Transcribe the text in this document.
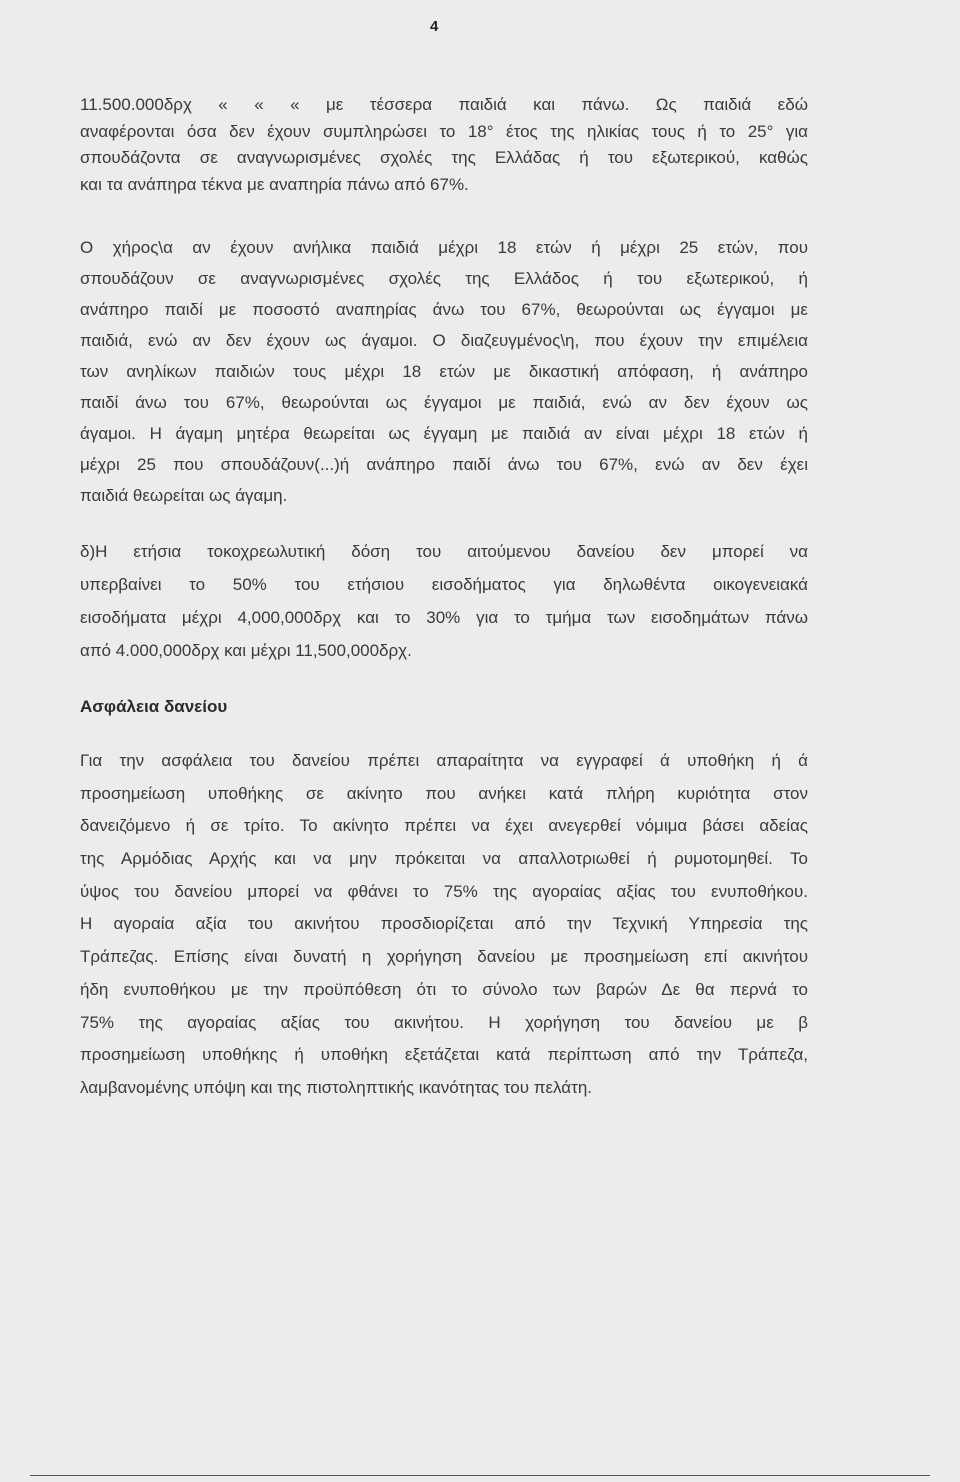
4
11.500.000δρχ « « « με τέσσερα παιδιά και πάνω. Ως παιδιά εδώ
αναφέρονται όσα δεν έχουν συμπληρώσει το 18° έτος της ηλικίας τους ή το 25° για
σπουδάζοντα σε αναγνωρισμένες σχολές της Ελλάδας ή του εξωτερικού, καθώς
και τα ανάπηρα τέκνα με αναπηρία πάνω από 67%.
Ο χήρος\α αν έχουν ανήλικα παιδιά μέχρι 18 ετών ή μέχρι 25 ετών, που
σπουδάζουν σε αναγνωρισμένες σχολές της Ελλάδος ή του εξωτερικού, ή
ανάπηρο παιδί με ποσοστό αναπηρίας άνω του 67%, θεωρούνται ως έγγαμοι με
παιδιά, ενώ αν δεν έχουν ως άγαμοι. Ο διαζευγμένος\η, που έχουν την επιμέλεια
των ανηλίκων παιδιών τους μέχρι 18 ετών με δικαστική απόφαση, ή ανάπηρο
παιδί άνω του 67%, θεωρούνται ως έγγαμοι με παιδιά, ενώ αν δεν έχουν ως
άγαμοι. Η άγαμη μητέρα θεωρείται ως έγγαμη με παιδιά αν είναι μέχρι 18 ετών ή
μέχρι 25 που σπουδάζουν(...)ή ανάπηρο παιδί άνω του 67%, ενώ αν δεν έχει
παιδιά θεωρείται ως άγαμη.
δ)Η ετήσια τοκοχρεωλυτική δόση του αιτούμενου δανείου δεν μπορεί να
υπερβαίνει το 50% του ετήσιου εισοδήματος για δηλωθέντα οικογενειακά
εισοδήματα μέχρι 4,000,000δρχ και το 30% για το τμήμα των εισοδημάτων πάνω
από 4.000,000δρχ και μέχρι 11,500,000δρχ.
Ασφάλεια δανείου
Για την ασφάλεια του δανείου πρέπει απαραίτητα να εγγραφεί ά υποθήκη ή ά
προσημείωση υποθήκης σε ακίνητο που ανήκει κατά πλήρη κυριότητα στον
δανειζόμενο ή σε τρίτο. Το ακίνητο πρέπει να έχει ανεγερθεί νόμιμα βάσει αδείας
της Αρμόδιας Αρχής και να μην πρόκειται να απαλλοτριωθεί ή ρυμοτομηθεί. Το
ύψος του δανείου μπορεί να φθάνει το 75% της αγοραίας αξίας του ενυποθήκου.
Η αγοραία αξία του ακινήτου προσδιορίζεται από την Τεχνική Υπηρεσία της
Τράπεζας. Επίσης είναι δυνατή η χορήγηση δανείου με προσημείωση επί ακινήτου
ήδη ενυποθήκου με την προϋπόθεση ότι το σύνολο των βαρών Δε θα περνά το
75% της αγοραίας αξίας του ακινήτου. Η χορήγηση του δανείου με β
προσημείωση υποθήκης ή υποθήκη εξετάζεται κατά περίπτωση από την Τράπεζα,
λαμβανομένης υπόψη και της πιστοληπτικής ικανότητας του πελάτη.
